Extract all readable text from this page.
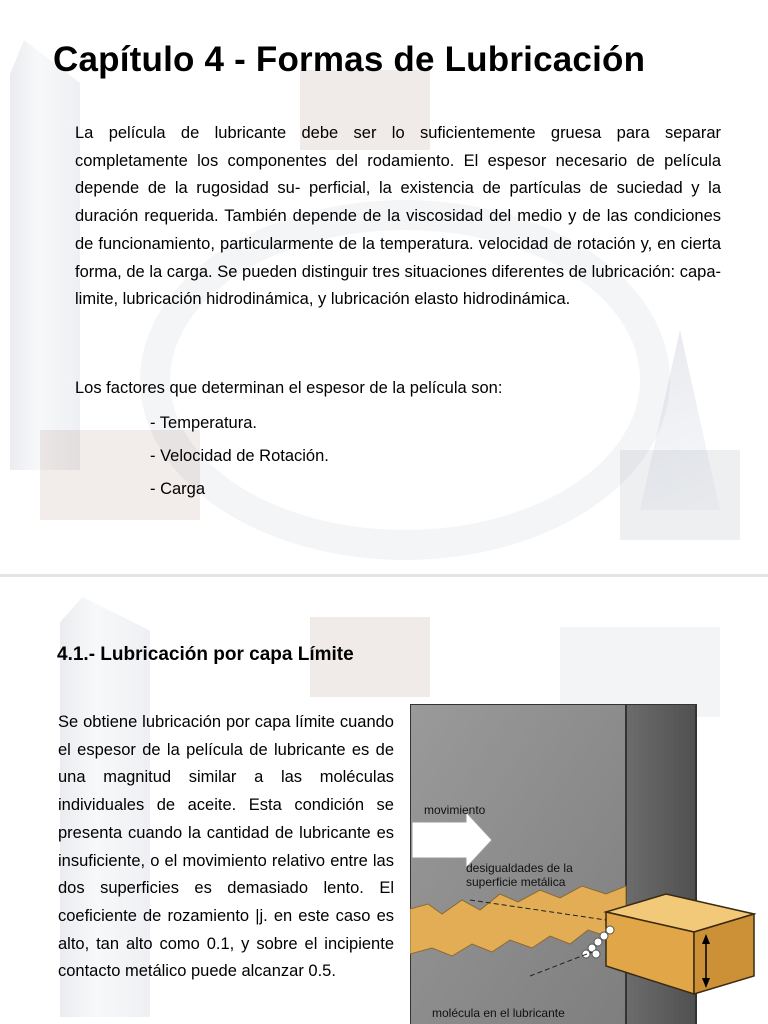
Capítulo 4 - Formas de Lubricación

La película de lubricante debe ser lo suficientemente gruesa para separar completamente los componentes del rodamiento. El espesor necesario de película depende de la rugosidad su- perficial, la existencia de partículas de suciedad y la duración requerida. También depende de la viscosidad del medio y de las condiciones de funcionamiento, particularmente de la temperatura. velocidad de rotación y, en cierta forma, de la carga. Se pueden distinguir tres situaciones diferentes de lubricación: capa-limite, lubricación hidrodinámica, y lubricación elasto hidrodinámica.

Los factores que determinan el espesor de la película son:

- Temperatura.
- Velocidad de Rotación.
- Carga
4.1.- Lubricación por capa Límite

Se obtiene lubricación por capa límite cuando el espesor de la película de lubricante es de una magnitud similar a las moléculas individuales de aceite. Esta condición se presenta cuando la cantidad de lubricante es insuficiente, o el movimiento relativo entre las dos superficies es demasiado lento. El coeficiente de rozamiento |j. en este caso es alto, tan alto como 0.1, y sobre el incipiente contacto metálico puede alcanzar 0.5.

movimiento
desigualdades de la
superficie metálica
molécula en el lubricante
